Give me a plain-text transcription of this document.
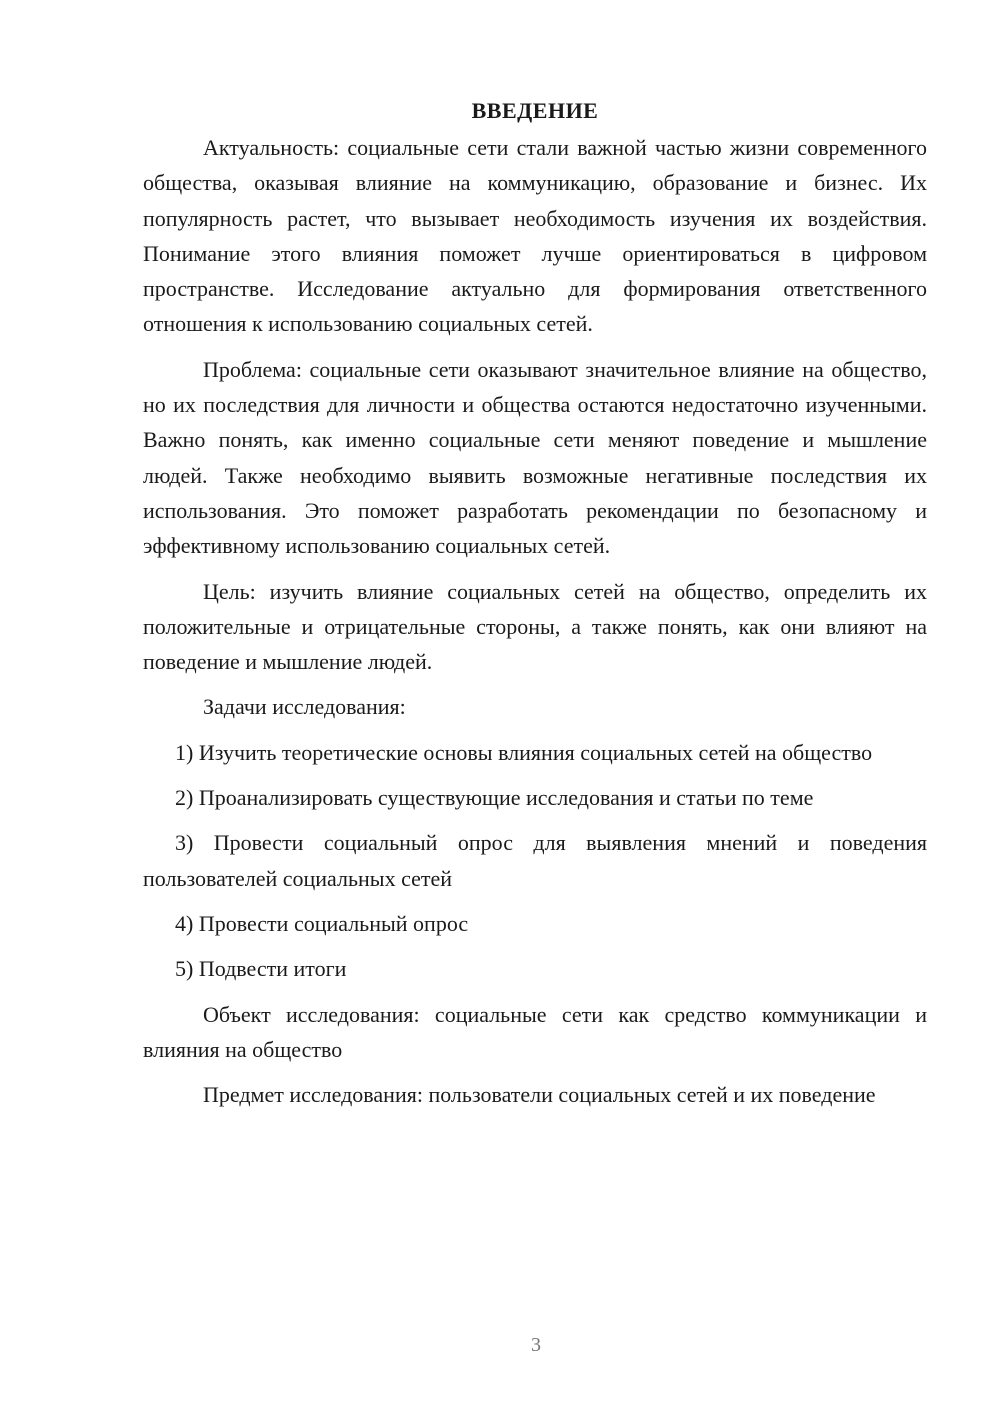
ВВЕДЕНИЕ

Актуальность: социальные сети стали важной частью жизни современного общества, оказывая влияние на коммуникацию, образование и бизнес. Их популярность растет, что вызывает необходимость изучения их воздействия. Понимание этого влияния поможет лучше ориентироваться в цифровом пространстве. Исследование актуально для формирования ответственного отношения к использованию социальных сетей.

Проблема: социальные сети оказывают значительное влияние на общество, но их последствия для личности и общества остаются недостаточно изученными. Важно понять, как именно социальные сети меняют поведение и мышление людей. Также необходимо выявить возможные негативные последствия их использования. Это поможет разработать рекомендации по безопасному и эффективному использованию социальных сетей.

Цель: изучить влияние социальных сетей на общество, определить их положительные и отрицательные стороны, а также понять, как они влияют на поведение и мышление людей.

Задачи исследования:

1) Изучить теоретические основы влияния социальных сетей на общество

2) Проанализировать существующие исследования и статьи по теме

3) Провести социальный опрос для выявления мнений и поведения пользователей социальных сетей

4) Провести социальный опрос

5) Подвести итоги

Объект исследования: социальные сети как средство коммуникации и влияния на общество

Предмет исследования: пользователи социальных сетей и их поведение

3
